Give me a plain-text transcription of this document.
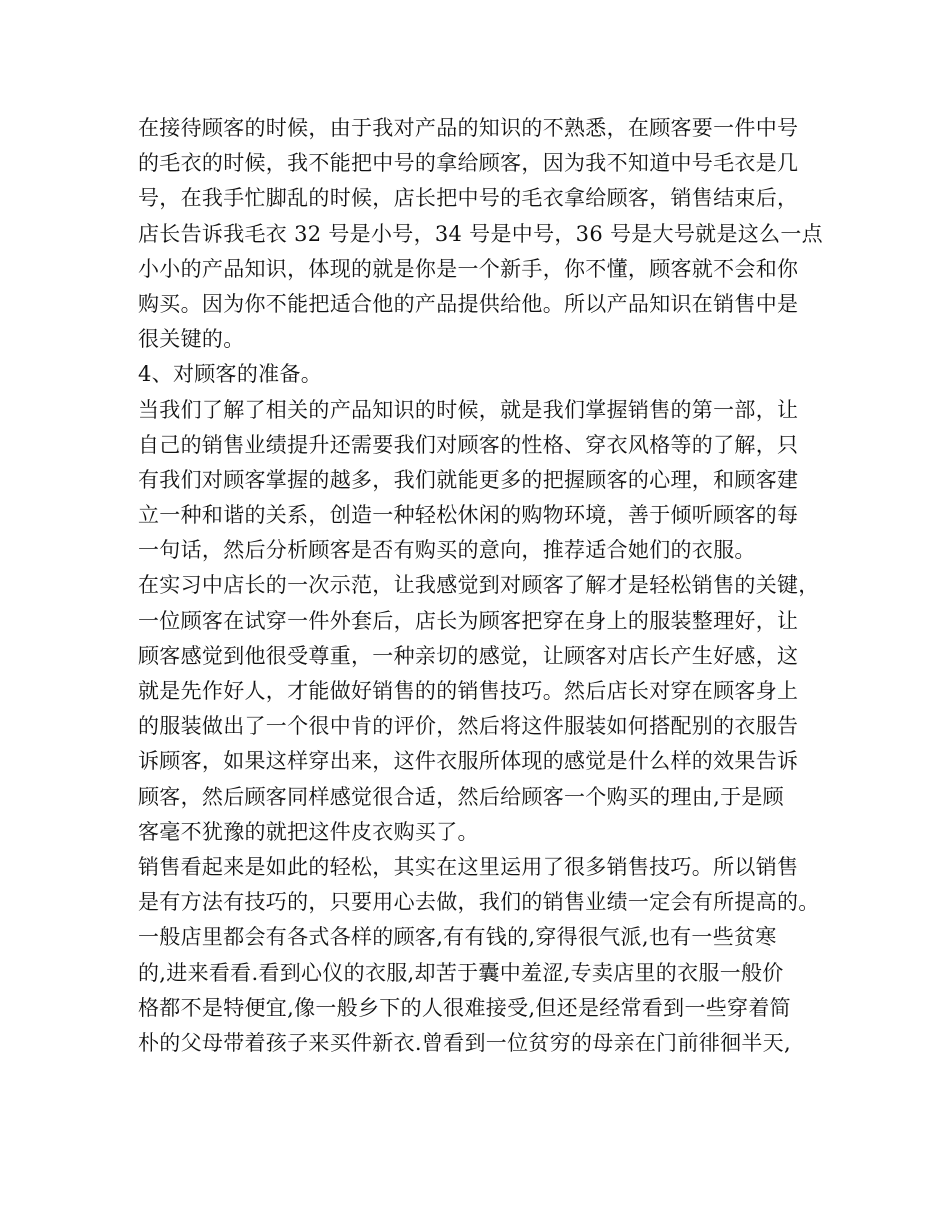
在接待顾客的时候，由于我对产品的知识的不熟悉，在顾客要一件中号
的毛衣的时候，我不能把中号的拿给顾客，因为我不知道中号毛衣是几
号，在我手忙脚乱的时候，店长把中号的毛衣拿给顾客，销售结束后，
店长告诉我毛衣 32 号是小号，34 号是中号，36 号是大号就是这么一点
小小的产品知识，体现的就是你是一个新手，你不懂，顾客就不会和你
购买。因为你不能把适合他的产品提供给他。所以产品知识在销售中是
很关键的。
4、对顾客的准备。
当我们了解了相关的产品知识的时候，就是我们掌握销售的第一部，让
自己的销售业绩提升还需要我们对顾客的性格、穿衣风格等的了解，只
有我们对顾客掌握的越多，我们就能更多的把握顾客的心理，和顾客建
立一种和谐的关系，创造一种轻松休闲的购物环境，善于倾听顾客的每
一句话，然后分析顾客是否有购买的意向，推荐适合她们的衣服。
在实习中店长的一次示范，让我感觉到对顾客了解才是轻松销售的关键，
一位顾客在试穿一件外套后，店长为顾客把穿在身上的服装整理好，让
顾客感觉到他很受尊重，一种亲切的感觉，让顾客对店长产生好感，这
就是先作好人，才能做好销售的的销售技巧。然后店长对穿在顾客身上
的服装做出了一个很中肯的评价，然后将这件服装如何搭配别的衣服告
诉顾客，如果这样穿出来，这件衣服所体现的感觉是什么样的效果告诉
顾客，然后顾客同样感觉很合适，然后给顾客一个购买的理由,于是顾
客毫不犹豫的就把这件皮衣购买了。
销售看起来是如此的轻松，其实在这里运用了很多销售技巧。所以销售
是有方法有技巧的，只要用心去做，我们的销售业绩一定会有所提高的。
一般店里都会有各式各样的顾客,有有钱的,穿得很气派,也有一些贫寒
的,进来看看.看到心仪的衣服,却苦于囊中羞涩,专卖店里的衣服一般价
格都不是特便宜,像一般乡下的人很难接受,但还是经常看到一些穿着简
朴的父母带着孩子来买件新衣.曾看到一位贫穷的母亲在门前徘徊半天,
